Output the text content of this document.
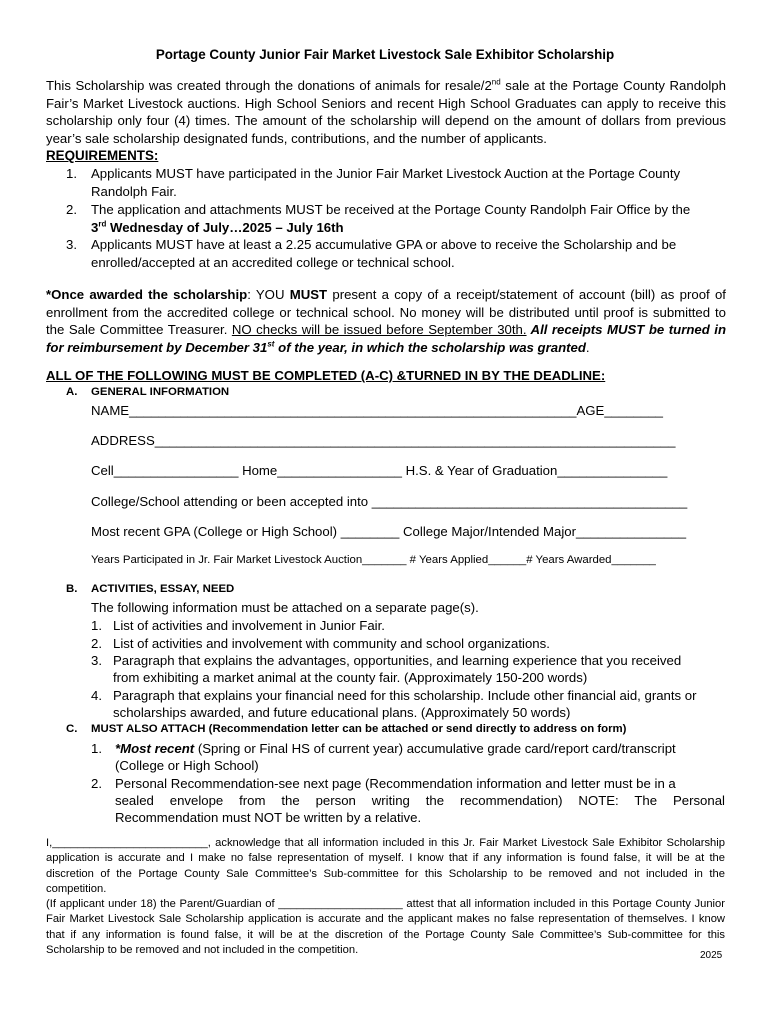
Portage County Junior Fair Market Livestock Sale Exhibitor Scholarship
This Scholarship was created through the donations of animals for resale/2nd sale at the Portage County Randolph Fair’s Market Livestock auctions. High School Seniors and recent High School Graduates can apply to receive this scholarship only four (4) times. The amount of the scholarship will depend on the amount of dollars from previous year’s sale scholarship designated funds, contributions, and the number of applicants.
REQUIREMENTS:
1. Applicants MUST have participated in the Junior Fair Market Livestock Auction at the Portage County
Randolph Fair.
2. The application and attachments MUST be received at the Portage County Randolph Fair Office by the
3rd Wednesday of July…2025 – July 16th
3. Applicants MUST have at least a 2.25 accumulative GPA or above to receive the Scholarship and be
enrolled/accepted at an accredited college or technical school.
*Once awarded the scholarship: YOU MUST present a copy of a receipt/statement of account (bill) as proof of enrollment from the accredited college or technical school. No money will be distributed until proof is submitted to the Sale Committee Treasurer. NO checks will be issued before September 30th. All receipts MUST be turned in for reimbursement by December 31st of the year, in which the scholarship was granted.
ALL OF THE FOLLOWING MUST BE COMPLETED (A-C) &TURNED IN BY THE DEADLINE:
A. GENERAL INFORMATION
NAME_____________________________________________________________AGE________
ADDRESS_______________________________________________________________________
Cell_________________ Home_________________ H.S. & Year of Graduation_______________
College/School attending or been accepted into ___________________________________________
Most recent GPA (College or High School) ________ College Major/Intended Major_______________
Years Participated in Jr. Fair Market Livestock Auction_______ # Years Applied______# Years Awarded_______
B. ACTIVITIES, ESSAY, NEED
The following information must be attached on a separate page(s).
1. List of activities and involvement in Junior Fair.
2. List of activities and involvement with community and school organizations.
3. Paragraph that explains the advantages, opportunities, and learning experience that you received
from exhibiting a market animal at the county fair. (Approximately 150-200 words)
4. Paragraph that explains your financial need for this scholarship. Include other financial aid, grants or
scholarships awarded, and future educational plans. (Approximately 50 words)
C. MUST ALSO ATTACH (Recommendation letter can be attached or send directly to address on form)
1. *Most recent (Spring or Final HS of current year) accumulative grade card/report card/transcript
(College or High School)
2. Personal Recommendation-see next page (Recommendation information and letter must be in a
sealed envelope from the person writing the recommendation) NOTE: The Personal
Recommendation must NOT be written by a relative.
I,_________________________, acknowledge that all information included in this Jr. Fair Market Livestock Sale Exhibitor Scholarship application is accurate and I make no false representation of myself. I know that if any information is found false, it will be at the discretion of the Portage County Sale Committee’s Sub-committee for this Scholarship to be removed and not included in the competition.
(If applicant under 18) the Parent/Guardian of ____________________ attest that all information included in this Portage County Junior Fair Market Livestock Sale Scholarship application is accurate and the applicant makes no false representation of themselves. I know that if any information is found false, it will be at the discretion of the Portage County Sale Committee’s Sub-committee for this Scholarship to be removed and not included in the competition.	2025
